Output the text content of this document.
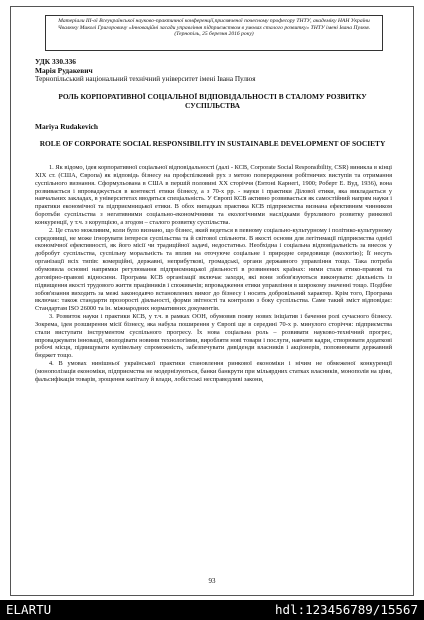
Матеріали ІІІ-ої Всеукраїнської науково-практичної конференції,присвяченої почесному професору ТНТУ, академіку НАН України Чвалюку Миколі Григоровичу «Інноваційні засади управління підприємством в умовах сталого розвитку» ТНТУ імені Івана Пулюя. (Тернопіль, 25 березня 2016 року)
УДК 330.336
Марія Рудакевич
Тернопільський національний технічний університет імені Івана Пулюя
РОЛЬ КОРПОРАТИВНОЇ СОЦІАЛЬНОЇ ВІДПОВІДАЛЬНОСТІ В СТАЛОМУ РОЗВИТКУ СУСПІЛЬСТВА
Mariya Rudakevich
ROLE OF CORPORATE SOCIAL RESPONSIBILITY IN SUSTAINABLE DEVELOPMENT OF SOCIETY

1. Як відомо, ідея корпоративної соціальної відповідальності (далі - КСВ, Corporate Social Responsibility, CSR) виникла в кінці ХІХ ст. (США, Європа) як відповідь бізнесу на профспілковий рух з метою попередження робітничих виступів та отримання суспільного визнання. Сформульована в США в першій половині ХХ сторіччя (Ентоні Карнегі, 1900; Роберт Е. Вуд, 1936), вона розвивається і впроваджується в контексті етики бізнесу, а з 70-х рр. - науки і практики Ділової етики, яка викладається у навчальних закладах, в університетах вводяться спеціальність. У Європі КСВ активно розвивається як самостійний напрям науки і практики економічної та підприємницької етики. В обох випадках практика КСВ підприємства визнана ефективним чинником боротьби суспільства з негативними соціально-економічними та екологічними наслідками бурхливого розвитку ринкової конкуренції, у т.ч. з корупцією, а згодом – сталого розвитку суспільства.

2. Це стало можливим, коли було визнано, що бізнес, який ведеться в певному соціально-культурному і політико-культурному середовищі, не може ігнорувати інтереси суспільства та й світової спільноти. В якості основи для легітимації підприємства однієї економічної ефективності, як його місії чи традиційної задачі, недостатньо. Необхідна і соціальна відповідальність за внесок у добробут суспільства, суспільну моральність та вплив на оточуюче соціальне і природне середовище (екологію); Її несуть організації всіх типів: комерційні, державні, неприбуткові, громадські, органи державного управління тощо. Така потреба обумовила основні напрямки регулювання підприємницької діяльності в розвинених країнах: ними стали етико-правові та договірно-правові відносини. Програма КСВ організації включає заходи, які вони зобов'язуються виконувати: діяльність із підвищення якості трудового життя працівників і споживачів; впровадження етики управління в широкому значенні тощо. Подібне зобов'язання виходить за межі законодавчо встановлених вимог до бізнесу і носить добровільний характер. Крім того, Програма включає: також стандарти прозорості діяльності, форми звітності та контролю з боку суспільства. Саме такий зміст відповідає: Стандартам ISO 26000 та ін. міжнародних нормативних документів.

3. Розвиток науки і практики КСВ, у т.ч. в рамках ООН, обумовив появу нових ініціатив і бачення ролі сучасного бізнесу. Зокрема, ідея розширення місії бізнесу, яка набула поширення у Європі ще в середині 70-х р. минулого сторіччя: підприємства стали виступати інструментом суспільного прогресу. Їх нова соціальна роль – розвивати науково-технічний прогрес, впроваджувати інновації, оволодівати новими технологіями, виробляти нові товари і послуги, навчати кадри, створювати додаткові робочі місця, підвищувати купівельну спроможність, забезпечувати дивіденди власників і акціонерів, поповнювати державний бюджет тощо.

4. В умовах нинішньої української практики становлення ринкової економіки і нічим не обмеженої конкуренції (монополізація економіки, підприємства не модернізуються, банки банкрути при мільярдних статках власників, монополія на ціни, фальсифікація товарів, зрощення капіталу й влади, лобістські несправедливі закони,

93
ELARTU	hdl:123456789/15567
